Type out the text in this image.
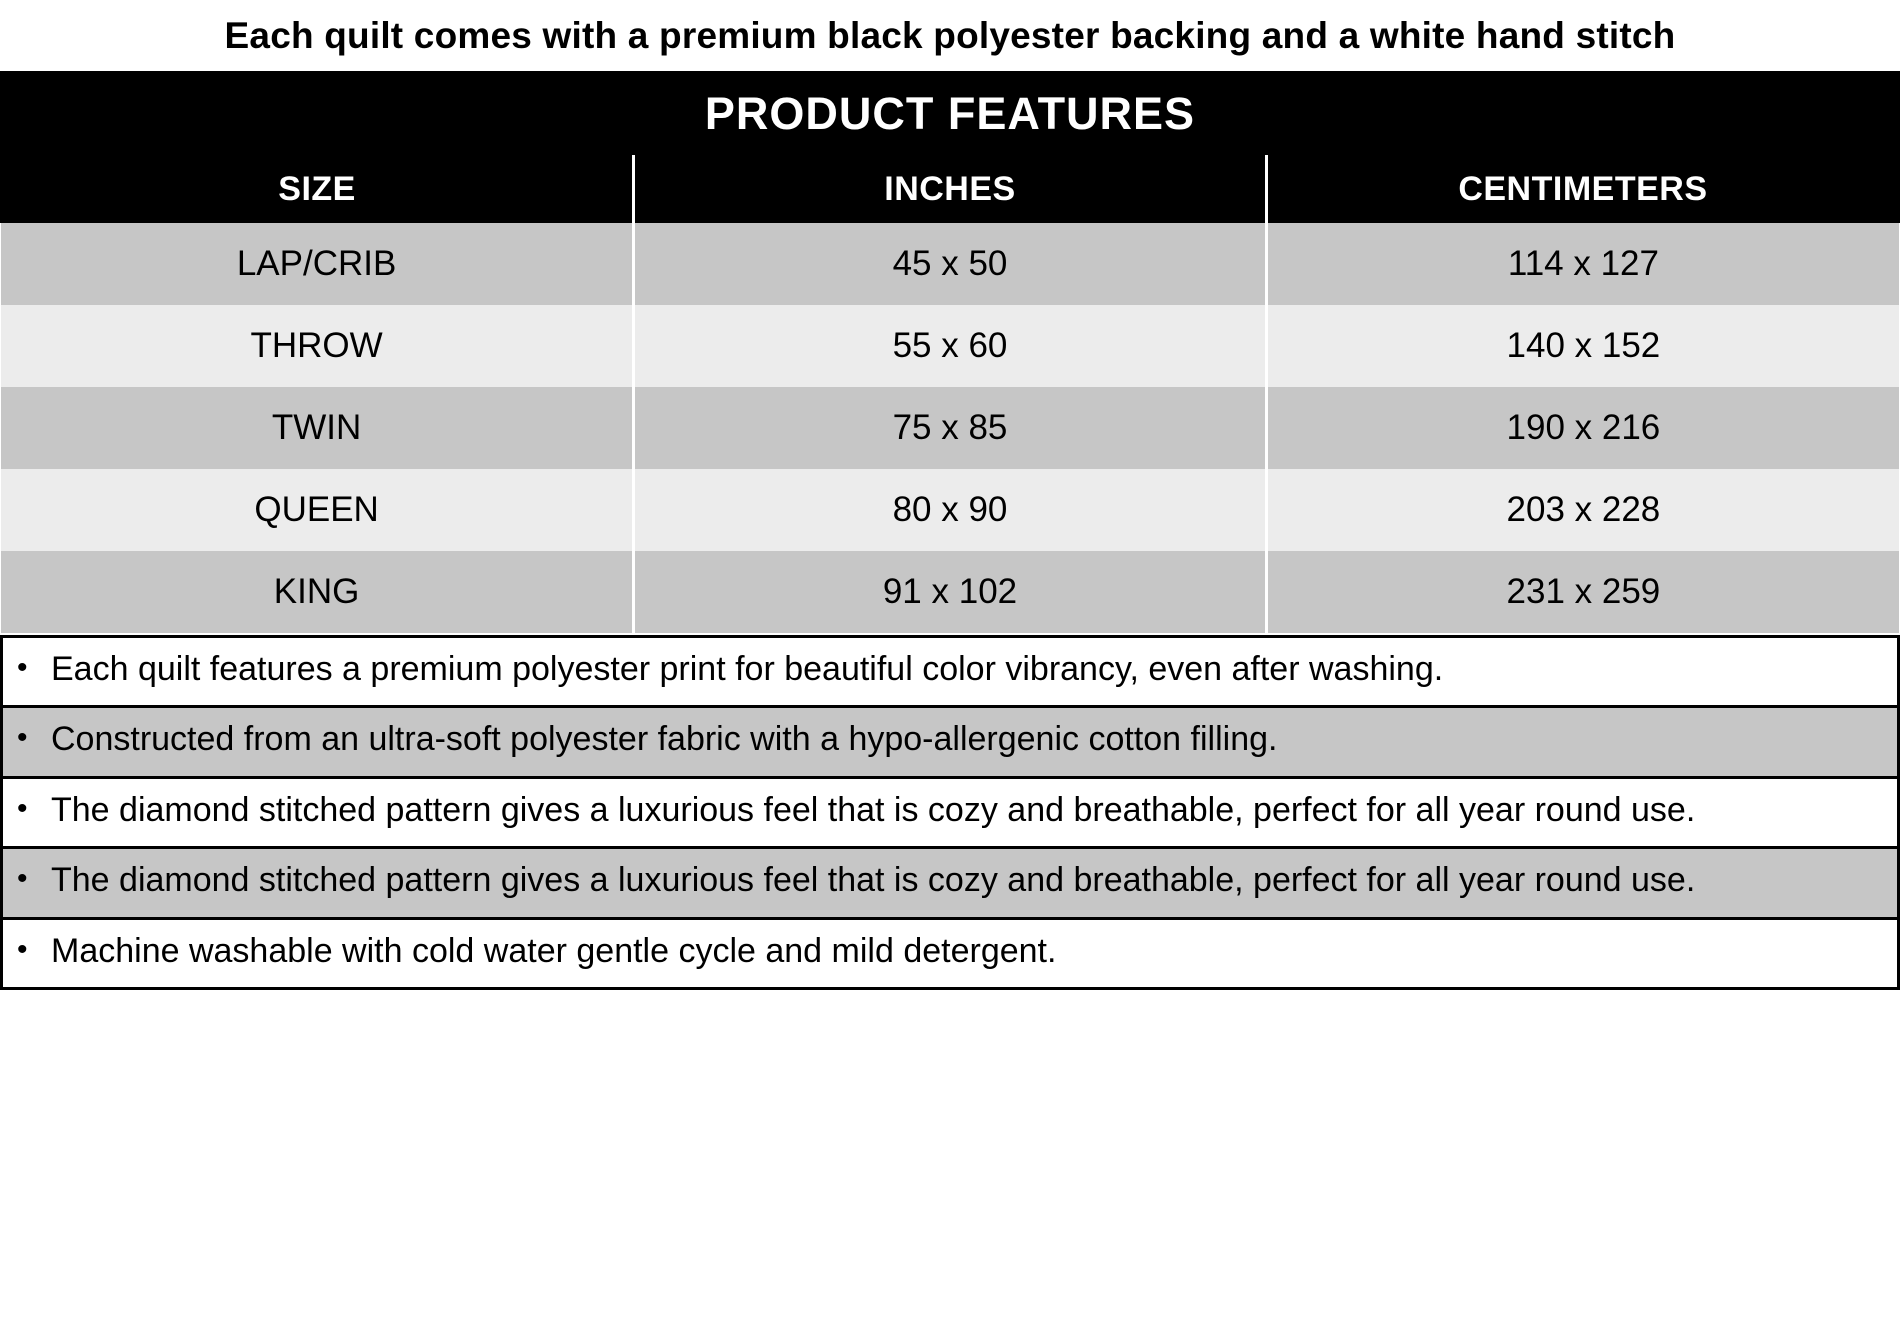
Each quilt comes with a premium black polyester backing and a white hand stitch
PRODUCT FEATURES		
SIZE	INCHES	CENTIMETERS
LAP/CRIB	45 x 50	114 x 127
THROW	55 x 60	140 x 152
TWIN	75 x 85	190 x 216
QUEEN	80 x 90	203 x 228
KING	91 x 102	231 x 259
• Each quilt features a premium polyester print for beautiful color vibrancy, even after washing.

• Constructed from an ultra-soft polyester fabric with a hypo-allergenic cotton filling.

• The diamond stitched pattern gives a luxurious feel that is cozy and breathable, perfect for all year round use.

• The diamond stitched pattern gives a luxurious feel that is cozy and breathable, perfect for all year round use.

• Machine washable with cold water gentle cycle and mild detergent.
